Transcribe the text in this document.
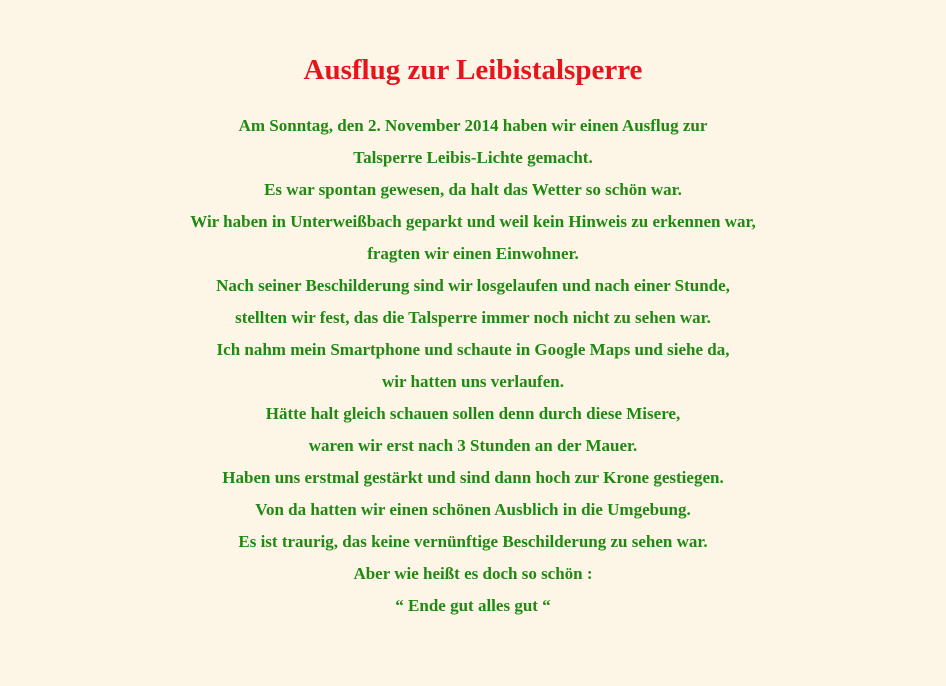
Ausflug zur Leibistalsperre
Am Sonntag, den 2. November 2014 haben wir einen Ausflug zur
Talsperre Leibis-Lichte gemacht.
Es war spontan gewesen, da halt das Wetter so schön war.
Wir haben in Unterweißbach geparkt und weil kein Hinweis zu erkennen war,
fragten wir einen Einwohner.
Nach seiner Beschilderung sind wir losgelaufen und nach einer Stunde,
stellten wir fest, das die Talsperre immer noch nicht zu sehen war.
Ich nahm mein Smartphone und schaute in Google Maps und siehe da,
wir hatten uns verlaufen.
Hätte halt gleich schauen sollen denn durch diese Misere,
waren wir erst nach 3 Stunden an der Mauer.
Haben uns erstmal gestärkt und sind dann hoch zur Krone gestiegen.
Von da hatten wir einen schönen Ausblich in die Umgebung.
Es ist traurig, das keine vernünftige Beschilderung zu sehen war.
Aber wie heißt es doch so schön :
“ Ende gut alles gut “
